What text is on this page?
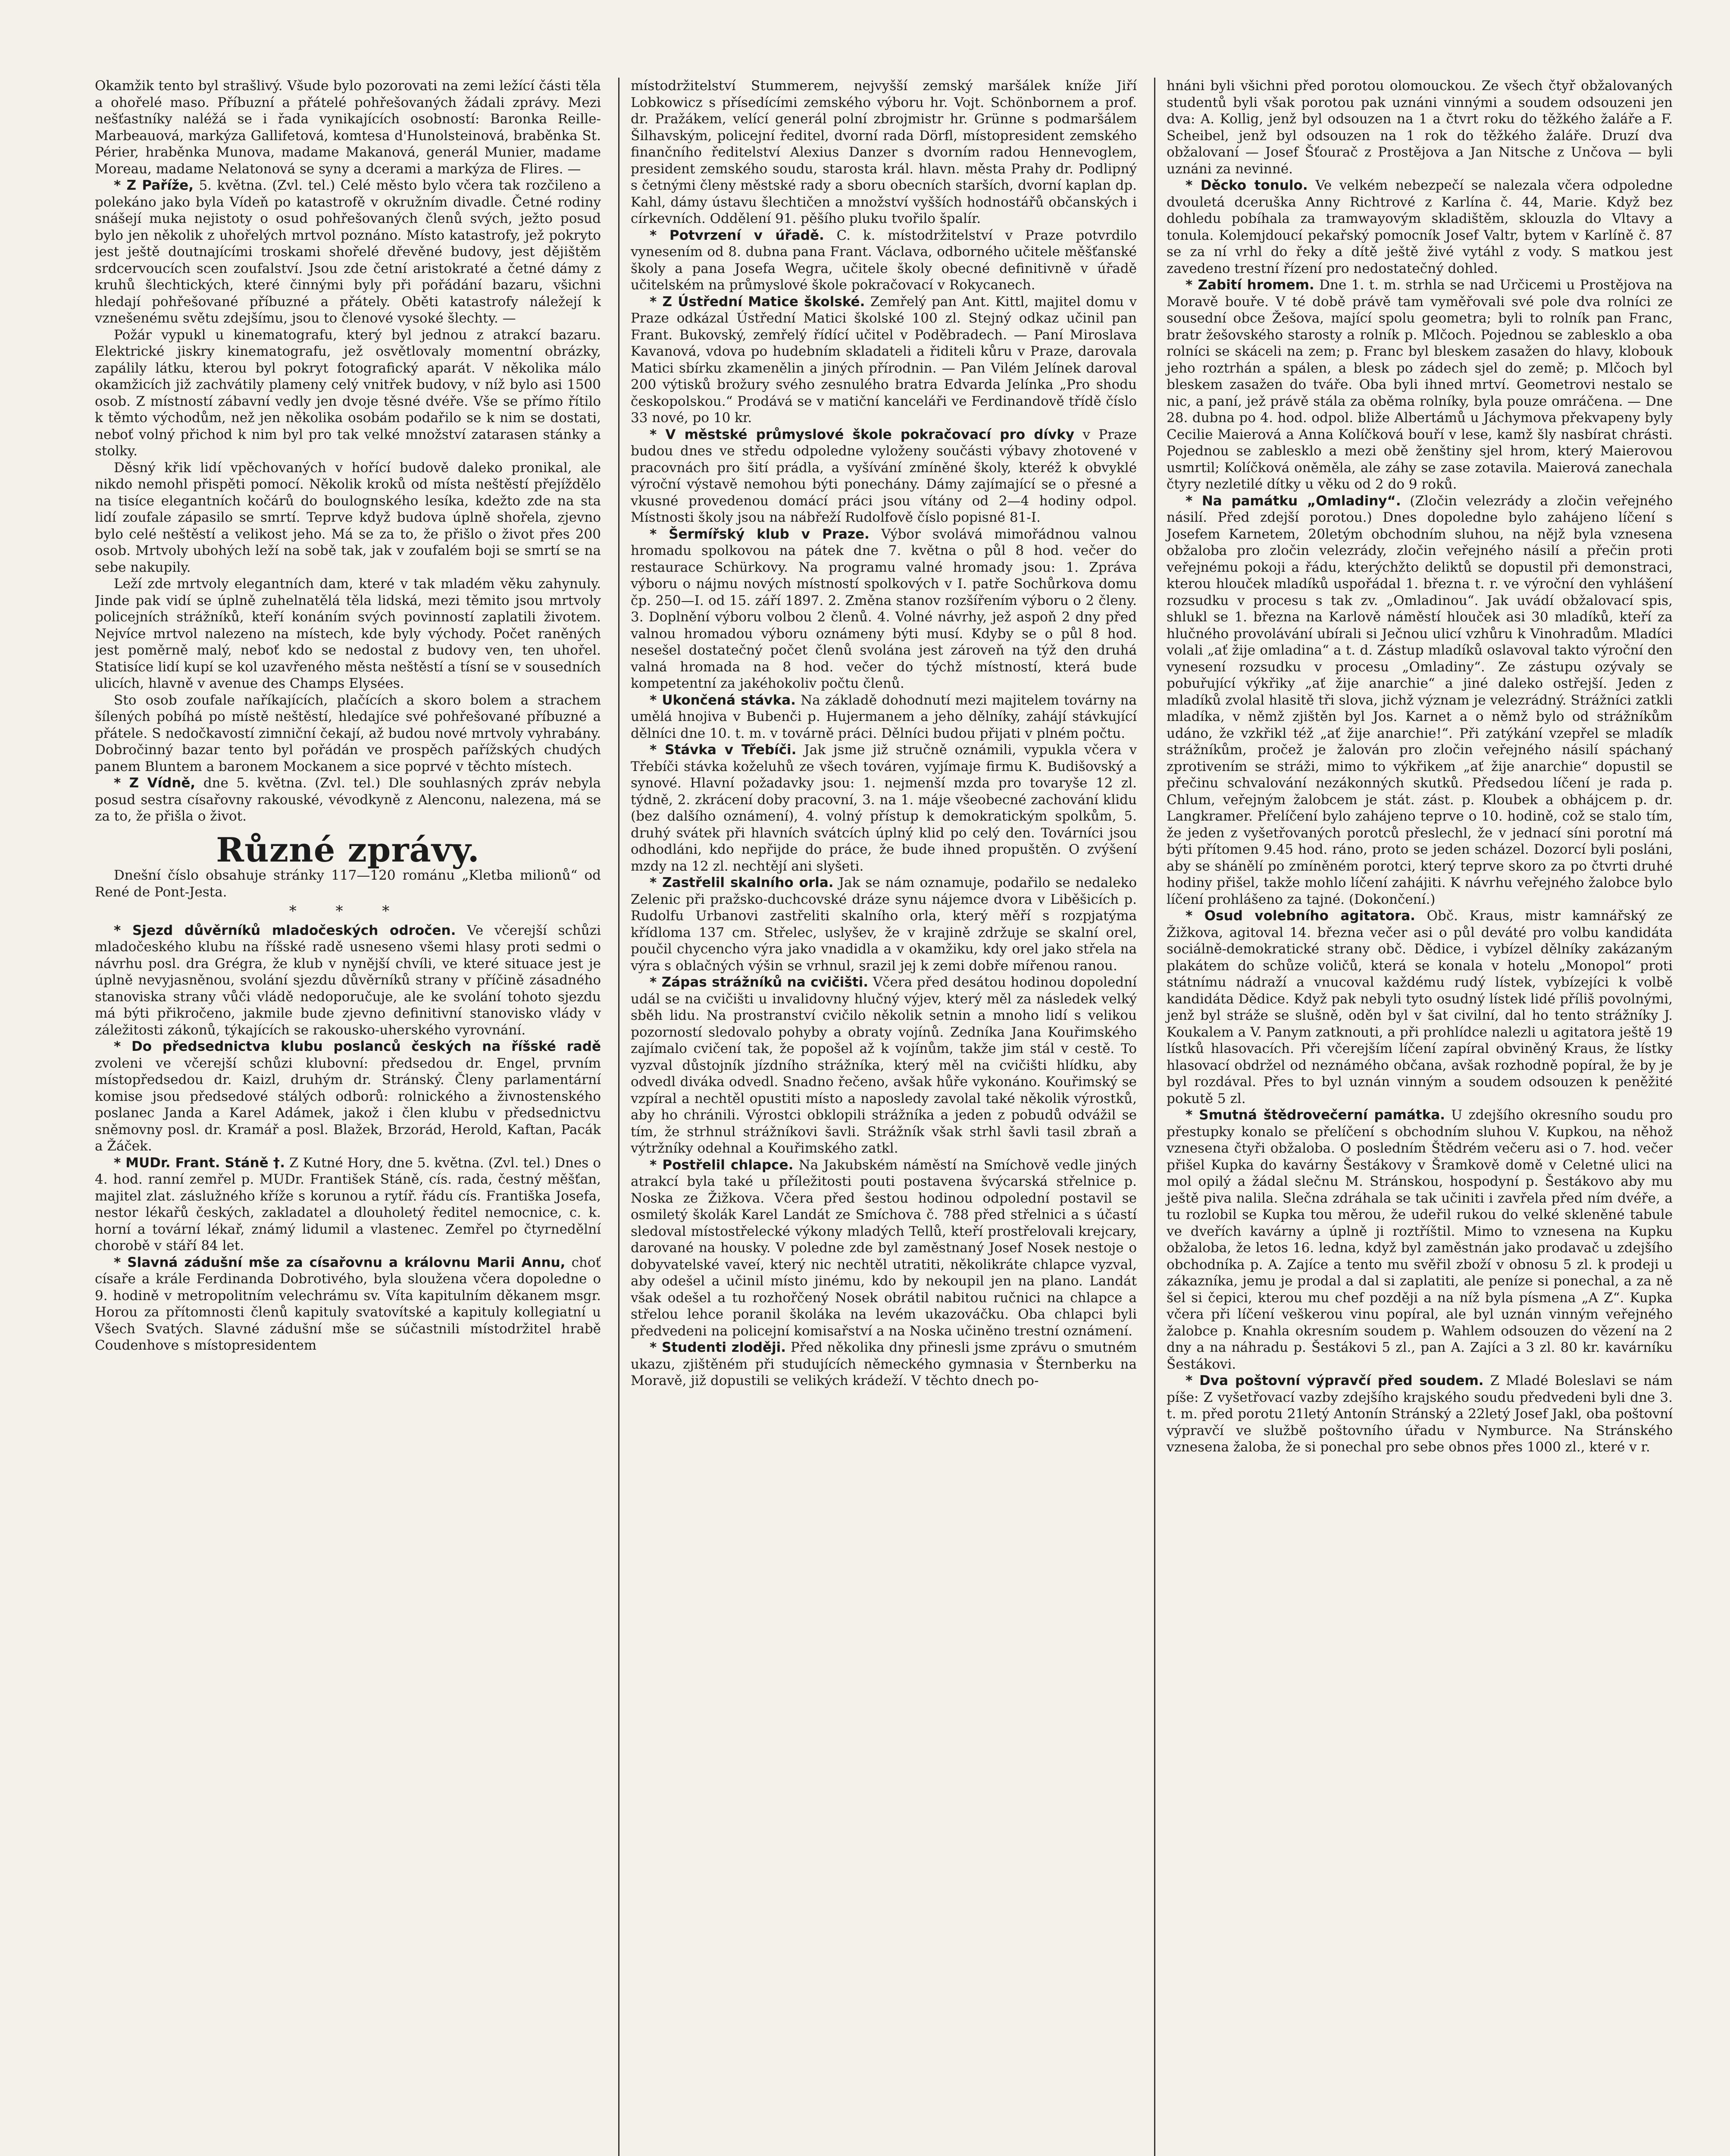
Okamžik tento byl strašlivý. Všude bylo pozorovati na zemi ležící části těla a ohořelé maso. Příbuzní a přátelé pohřešovaných žádali zprávy. Mezi nešťastníky naléžá se i řada vynikajících osobností: Baronka Reille-Marbeauová, markýza Gallifetová, komtesa d'Hunolsteinová, braběnka St. Périer, hraběnka Munova, madame Makanová, generál Munier, madame Moreau, madame Nelatonová se syny a dcerami a markýza de Flires. —

* Z Paříže, 5. května. (Zvl. tel.) Celé město bylo včera tak rozčileno a polekáno jako byla Vídeň po katastrofě v okružním divadle. Četné rodiny snášejí muka nejistoty o osud pohřešovaných členů svých, ježto posud bylo jen několik z uhořelých mrtvol poznáno. Místo katastrofy, jež pokryto jest ještě doutnajícími troskami shořelé dřevěné budovy, jest dějištěm srdcervoucích scen zoufalství. Jsou zde četní aristokraté a četné dámy z kruhů šlechtických, které činnými byly při pořádání bazaru, všichni hledají pohřešované příbuzné a přátely. Oběti katastrofy náležejí k vznešenému světu zdejšímu, jsou to členové vysoké šlechty. —

Požár vypukl u kinematografu, který byl jednou z atrakcí bazaru. Elektrické jiskry kinematografu, jež osvětlovaly momentní obrázky, zapálily látku, kterou byl pokryt fotografický aparát. V několika málo okamžicích již zachvátily plameny celý vnitřek budovy, v níž bylo asi 1500 osob. Z místností zábavní vedly jen dvoje těsné dvéře. Vše se přímo řítilo k těmto východům, než jen několika osobám podařilo se k nim se dostati, neboť volný přichod k nim byl pro tak velké množství zatarasen stánky a stolky.

Děsný křik lidí vpěchovaných v hořící budově daleko pronikal, ale nikdo nemohl přispěti pomocí. Několik kroků od místa neštěstí přejíždělo na tisíce elegantních kočárů do boulognského lesíka, kdežto zde na sta lidí zoufale zápasilo se smrtí. Teprve když budova úplně shořela, zjevno bylo celé neštěstí a velikost jeho. Má se za to, že přišlo o život přes 200 osob. Mrtvoly ubohých leží na sobě tak, jak v zoufalém boji se smrtí se na sebe nakupily.

Leží zde mrtvoly elegantních dam, které v tak mladém věku zahynuly. Jinde pak vidí se úplně zuhelnatělá těla lidská, mezi těmito jsou mrtvoly policejních strážníků, kteří konáním svých povinností zaplatili životem. Nejvíce mrtvol nalezeno na místech, kde byly východy. Počet raněných jest poměrně malý, neboť kdo se nedostal z budovy ven, ten uhořel. Statisíce lidí kupí se kol uzavřeného města neštěstí a tísní se v sousedních ulicích, hlavně v avenue des Champs Elysées.

Sto osob zoufale naříkajících, plačících a skoro bolem a strachem šílených pobíhá po místě neštěstí, hledajíce své pohřešované příbuzné a přátele. S nedočkavostí zimniční čekají, až budou nové mrtvoly vyhrabány. Dobročinný bazar tento byl pořádán ve prospěch pařížských chudých panem Bluntem a baronem Mockanem a sice poprvé v těchto místech.

* Z Vídně, dne 5. května. (Zvl. tel.) Dle souhlasných zpráv nebyla posud sestra císařovny rakouské, vévodkyně z Alenconu, nalezena, má se za to, že přišla o život.

Různé zprávy.

Dnešní číslo obsahuje stránky 117—120 románu „Kletba milionů“ od René de Pont-Jesta.

* * *

* Sjezd důvěrníků mladočeských odročen. Ve včerejší schůzi mladočeského klubu na říšské radě usneseno všemi hlasy proti sedmi o návrhu posl. dra Grégra, že klub v nynější chvíli, ve které situace jest je úplně nevyjasněnou, svolání sjezdu důvěrníků strany v příčině zásadného stanoviska strany vůči vládě nedoporučuje, ale ke svolání tohoto sjezdu má býti přikročeno, jakmile bude zjevno definitivní stanovisko vlády v záležitosti zákonů, týkajících se rakousko-uherského vyrovnání.

* Do předsednictva klubu poslanců českých na říšské radě zvoleni ve včerejší schůzi klubovní: předsedou dr. Engel, prvním místopředsedou dr. Kaizl, druhým dr. Stránský. Členy parlamentární komise jsou předsedové stálých odborů: rolnického a živnostenského poslanec Janda a Karel Adámek, jakož i člen klubu v předsednictvu sněmovny posl. dr. Kramář a posl. Blažek, Brzorád, Herold, Kaftan, Pacák a Žáček.

* MUDr. Frant. Stáně †. Z Kutné Hory, dne 5. května. (Zvl. tel.) Dnes o 4. hod. ranní zemřel p. MUDr. František Stáně, cís. rada, čestný měšťan, majitel zlat. záslužného kříže s korunou a rytíř. řádu cís. Františka Josefa, nestor lékařů českých, zakladatel a dlouholetý ředitel nemocnice, c. k. horní a tovární lékař, známý lidumil a vlastenec. Zemřel po čtyrnedělní chorobě v stáří 84 let.

* Slavná zádušní mše za císařovnu a královnu Marii Annu, choť císaře a krále Ferdinanda Dobrotivého, byla sloužena včera dopoledne o 9. hodině v metropolitním velechrámu sv. Víta kapitulním děkanem msgr. Horou za přítomnosti členů kapituly svatovítské a kapituly kollegiatní u Všech Svatých. Slavné zádušní mše se súčastnili místodržitel hrabě Coudenhove s místopresidentem

místodržitelství Stummerem, nejvyšší zemský maršálek kníže Jiří Lobkowicz s přísedícími zemského výboru hr. Vojt. Schönbornem a prof. dr. Pražákem, velící generál polní zbrojmistr hr. Grünne s podmaršálem Šilhavským, policejní ředitel, dvorní rada Dörfl, místopresident zemského finančního ředitelství Alexius Danzer s dvorním radou Hennevoglem, president zemského soudu, starosta král. hlavn. města Prahy dr. Podlipný s četnými členy městské rady a sboru obecních starších, dvorní kaplan dp. Kahl, dámy ústavu šlechtičen a množství vyšších hodnostářů občanských i církevních. Oddělení 91. pěšího pluku tvořilo špalír.

* Potvrzení v úřadě. C. k. místodržitelství v Praze potvrdilo vynesením od 8. dubna pana Frant. Václava, odborného učitele měšťanské školy a pana Josefa Wegra, učitele školy obecné definitivně v úřadě učitelském na průmyslové škole pokračovací v Rokycanech.

* Z Ústřední Matice školské. Zemřelý pan Ant. Kittl, majitel domu v Praze odkázal Ústřední Matici školské 100 zl. Stejný odkaz učinil pan Frant. Bukovský, zemřelý řídící učitel v Poděbradech. — Paní Miroslava Kavanová, vdova po hudebním skladateli a řiditeli kůru v Praze, darovala Matici sbírku zkamenělin a jiných přírodnin. — Pan Vilém Jelínek daroval 200 výtisků brožury svého zesnulého bratra Edvarda Jelínka „Pro shodu českopolskou.“ Prodává se v matiční kanceláři ve Ferdinandově třídě číslo 33 nové, po 10 kr.

* V městské průmyslové škole pokračovací pro dívky v Praze budou dnes ve středu odpoledne vyloženy součásti výbavy zhotovené v pracovnách pro šití prádla, a vyšívání zmíněné školy, kteréž k obvyklé výroční výstavě nemohou býti ponechány. Dámy zajímající se o přesné a vkusné provedenou domácí práci jsou vítány od 2—4 hodiny odpol. Místnosti školy jsou na nábřeží Rudolfově číslo popisné 81-I.

* Šermířský klub v Praze. Výbor svolává mimořádnou valnou hromadu spolkovou na pátek dne 7. května o půl 8 hod. večer do restaurace Schürkovy. Na programu valné hromady jsou: 1. Zpráva výboru o nájmu nových místností spolkových v I. patře Sochůrkova domu čp. 250—I. od 15. září 1897. 2. Změna stanov rozšířením výboru o 2 členy. 3. Doplnění výboru volbou 2 členů. 4. Volné návrhy, jež aspoň 2 dny před valnou hromadou výboru oznámeny býti musí. Kdyby se o půl 8 hod. nesešel dostatečný počet členů svolána jest zároveň na týž den druhá valná hromada na 8 hod. večer do týchž místností, která bude kompetentní za jakéhokoliv počtu členů.

* Ukončená stávka. Na základě dohodnutí mezi majitelem továrny na umělá hnojiva v Bubenči p. Hujermanem a jeho dělníky, zahájí stávkující dělníci dne 10. t. m. v továrně práci. Dělníci budou přijati v plném počtu.

* Stávka v Třebíči. Jak jsme již stručně oznámili, vypukla včera v Třebíči stávka koželuhů ze všech továren, vyjímaje firmu K. Budišovský a synové. Hlavní požadavky jsou: 1. nejmenší mzda pro tovaryše 12 zl. týdně, 2. zkrácení doby pracovní, 3. na 1. máje všeobecné zachování klidu (bez dalšího oznámení), 4. volný přístup k demokratickým spolkům, 5. druhý svátek při hlavních svátcích úplný klid po celý den. Továrníci jsou odhodláni, kdo nepřijde do práce, že bude ihned propuštěn. O zvýšení mzdy na 12 zl. nechtějí ani slyšeti.

* Zastřelil skalního orla. Jak se nám oznamuje, podařilo se nedaleko Zelenic při pražsko-duchcovské dráze synu nájemce dvora v Liběšicích p. Rudolfu Urbanovi zastřeliti skalního orla, který měří s rozpjatýma křídloma 137 cm. Střelec, uslyšev, že v krajině zdržuje se skalní orel, poučil chycencho výra jako vnadidla a v okamžiku, kdy orel jako střela na výra s oblačných výšin se vrhnul, srazil jej k zemi dobře mířenou ranou.

* Zápas strážníků na cvičišti. Včera před desátou hodinou dopolední udál se na cvičišti u invalidovny hlučný výjev, který měl za následek velký sběh lidu. Na prostranství cvičilo několik setnin a mnoho lidí s velikou pozorností sledovalo pohyby a obraty vojínů. Zedníka Jana Kouřimského zajímalo cvičení tak, že popošel až k vojínům, takže jim stál v cestě. To vyzval důstojník jízdního strážníka, který měl na cvičišti hlídku, aby odvedl diváka odvedl. Snadno řečeno, avšak hůře vykonáno. Kouřimský se vzpíral a nechtěl opustiti místo a naposledy zavolal také několik výrostků, aby ho chránili. Výrostci obklopili strážníka a jeden z pobudů odvážil se tím, že strhnul strážníkovi šavli. Strážník však strhl šavli tasil zbraň a výtržníky odehnal a Kouřimského zatkl.

* Postřelil chlapce. Na Jakubském náměstí na Smíchově vedle jiných atrakcí byla také u příležitosti pouti postavena švýcarská střelnice p. Noska ze Žižkova. Včera před šestou hodinou odpolední postavil se osmiletý školák Karel Landát ze Smíchova č. 788 před střelnici a s účastí sledoval místostřelecké výkony mladých Tellů, kteří prostřelovali krejcary, darované na housky. V poledne zde byl zaměstnaný Josef Nosek nestoje o dobyvatelské vaveí, který nic nechtěl utratiti, několikráte chlapce vyzval, aby odešel a učinil místo jinému, kdo by nekoupil jen na plano. Landát však odešel a tu rozhořčený Nosek obrátil nabitou ručnici na chlapce a střelou lehce poranil školáka na levém ukazováčku. Oba chlapci byli předvedeni na policejní komisařství a na Noska učiněno trestní oznámení.

* Studenti zloději. Před několika dny přinesli jsme zprávu o smutném ukazu, zjištěném při studujících německého gymnasia v Šternberku na Moravě, již dopustili se velikých krádeží. V těchto dnech po-

hnáni byli všichni před porotou olomouckou. Ze všech čtyř obžalovaných studentů byli však porotou pak uznáni vinnými a soudem odsouzeni jen dva: A. Kollig, jenž byl odsouzen na 1 a čtvrt roku do těžkého žaláře a F. Scheibel, jenž byl odsouzen na 1 rok do těžkého žaláře. Druzí dva obžalovaní — Josef Šťourač z Prostějova a Jan Nitsche z Unčova — byli uznáni za nevinné.

* Děcko tonulo. Ve velkém nebezpečí se nalezala včera odpoledne dvouletá dceruška Anny Richtrové z Karlína č. 44, Marie. Když bez dohledu pobíhala za tramwayovým skladištěm, sklouzla do Vltavy a tonula. Kolemjdoucí pekařský pomocník Josef Valtr, bytem v Karlíně č. 87 se za ní vrhl do řeky a dítě ještě živé vytáhl z vody. S matkou jest zavedeno trestní řízení pro nedostatečný dohled.

* Zabití hromem. Dne 1. t. m. strhla se nad Určicemi u Prostějova na Moravě bouře. V té době právě tam vyměřovali své pole dva rolníci ze sousední obce Žešova, mající spolu geometra; byli to rolník pan Franc, bratr žešovského starosty a rolník p. Mlčoch. Pojednou se zablesklo a oba rolníci se skáceli na zem; p. Franc byl bleskem zasažen do hlavy, klobouk jeho roztrhán a spálen, a blesk po zádech sjel do země; p. Mlčoch byl bleskem zasažen do tváře. Oba byli ihned mrtví. Geometrovi nestalo se nic, a paní, jež právě stála za oběma rolníky, byla pouze omráčena. — Dne 28. dubna po 4. hod. odpol. bliže Albertámů u Jáchymova překvapeny byly Cecilie Maierová a Anna Kolíčková bouří v lese, kamž šly nasbírat chrásti. Pojednou se zablesklo a mezi obě ženštiny sjel hrom, který Maierovou usmrtil; Kolíčková oněměla, ale záhy se zase zotavila. Maierová zanechala čtyry nezletilé dítky u věku od 2 do 9 roků.

* Na památku „Omladiny“. (Zločin velezrády a zločin veřejného násilí. Před zdejší porotou.) Dnes dopoledne bylo zahájeno líčení s Josefem Karnetem, 20letým obchodním sluhou, na nějž byla vznesena obžaloba pro zločin velezrády, zločin veřejného násilí a přečin proti veřejnému pokoji a řádu, kterýchžto deliktů se dopustil při demonstraci, kterou hlouček mladíků uspořádal 1. března t. r. ve výroční den vyhlášení rozsudku v procesu s tak zv. „Omladinou“. Jak uvádí obžalovací spis, shlukl se 1. března na Karlově náměstí hlouček asi 30 mladíků, kteří za hlučného provolávání ubírali si Ječnou ulicí vzhůru k Vinohradům. Mladíci volali „ať žije omladina“ a t. d. Zástup mladíků oslavoval takto výroční den vynesení rozsudku v procesu „Omladiny“. Ze zástupu ozývaly se pobuřující výkřiky „ať žije anarchie“ a jiné daleko ostřejší. Jeden z mladíků zvolal hlasitě tři slova, jichž význam je velezrádný. Strážníci zatkli mladíka, v němž zjištěn byl Jos. Karnet a o němž bylo od strážníkům udáno, že vzkřikl též „ať žije anarchie!“. Při zatýkání vzepřel se mladík strážníkům, pročež je žalován pro zločin veřejného násilí spáchaný zprotivením se stráži, mimo to výkřikem „ať žije anarchie“ dopustil se přečinu schvalování nezákonných skutků. Předsedou líčení je rada p. Chlum, veřejným žalobcem je stát. zást. p. Kloubek a obhájcem p. dr. Langkramer. Přelíčení bylo zahájeno teprve o 10. hodině, což se stalo tím, že jeden z vyšetřovaných porotců přeslechl, že v jednací síni porotní má býti přítomen 9.45 hod. ráno, proto se jeden scházel. Dozorcí byli posláni, aby se shánělí po zmíněném porotci, který teprve skoro za po čtvrti druhé hodiny přišel, takže mohlo líčení zahájiti. K návrhu veřejného žalobce bylo líčení prohlášeno za tajné. (Dokončení.)

* Osud volebního agitatora. Obč. Kraus, mistr kamnářský ze Žižkova, agitoval 14. března večer asi o půl deváté pro volbu kandidáta sociálně-demokratické strany obč. Dědice, i vybízel dělníky zakázaným plakátem do schůze voličů, která se konala v hotelu „Monopol“ proti státnímu nádraží a vnucoval každému rudý lístek, vybízejíci k volbě kandidáta Dědice. Když pak nebyli tyto osudný lístek lidé příliš povolnými, jenž byl stráže se slušně, oděn byl v šat civilní, dal ho tento strážníky J. Koukalem a V. Panym zatknouti, a při prohlídce nalezli u agitatora ještě 19 lístků hlasovacích. Při včerejším líčení zapíral obviněný Kraus, že lístky hlasovací obdržel od neznámého občana, avšak rozhodně popíral, že by je byl rozdával. Přes to byl uznán vinným a soudem odsouzen k peněžité pokutě 5 zl.

* Smutná štědrovečerní památka. U zdejšího okresního soudu pro přestupky konalo se přelíčení s obchodním sluhou V. Kupkou, na něhož vznesena čtyři obžaloba. O posledním Štědrém večeru asi o 7. hod. večer přišel Kupka do kavárny Šestákovy v Šramkově domě v Celetné ulici na mol opilý a žádal slečnu M. Stránskou, hospodyní p. Šestákovo aby mu ještě piva nalila. Slečna zdráhala se tak učiniti i zavřela před ním dvéře, a tu rozlobil se Kupka tou měrou, že udeřil rukou do velké skleněné tabule ve dveřích kavárny a úplně ji roztříštil. Mimo to vznesena na Kupku obžaloba, že letos 16. ledna, když byl zaměstnán jako prodavač u zdejšího obchodníka p. A. Zajíce a tento mu svěřil zboží v obnosu 5 zl. k prodeji u zákazníka, jemu je prodal a dal si zaplatiti, ale peníze si ponechal, a za ně šel si čepici, kterou mu chef později a na níž byla písmena „A Z“. Kupka včera při líčení veškerou vinu popíral, ale byl uznán vinným veřejného žalobce p. Knahla okresním soudem p. Wahlem odsouzen do vězení na 2 dny a na náhradu p. Šestákovi 5 zl., pan A. Zajíci a 3 zl. 80 kr. kavárníku Šestákovi.

* Dva poštovní výpravčí před soudem. Z Mladé Boleslavi se nám píše: Z vyšetřovací vazby zdejšího krajského soudu předvedeni byli dne 3. t. m. před porotu 21letý Antonín Stránský a 22letý Josef Jakl, oba poštovní výpravčí ve službě poštovního úřadu v Nymburce. Na Stránského vznesena žaloba, že si ponechal pro sebe obnos přes 1000 zl., které v r.
